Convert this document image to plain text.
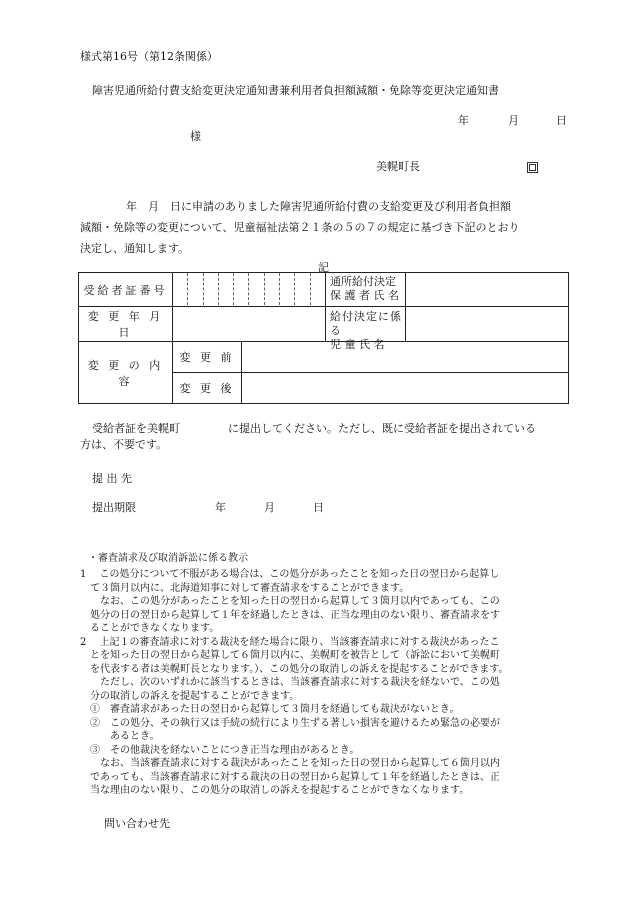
様式第16号（第12条関係）
障害児通所給付費支給変更決定通知書兼利用者負担額減額・免除等変更決定通知書
年	月	日
様
美幌町長
年　月　日に申請のありました障害児通所給付費の支給変更及び利用者負担額
減額・免除等の変更について、児童福祉法第２１条の５の７の規定に基づき下記のとおり
決定し、通知します。
記
受給者証番号	通所給付決定
保 護 者 氏 名		

変 更 年 月 日	給付決定に係る
児 童 氏 名		

変 更 の 内 容	変 更 前		
	変 更 後		
受給者証を美幌町	に提出してください。ただし、既に受給者証を提出されている
方は、不要です。
提 出 先
提出期限	年	月	日
・審査請求及び取消訴訟に係る教示
1　 この処分について不服がある場合は、この処分があったことを知った日の翌日から起算し
　て３箇月以内に、北海道知事に対して審査請求をすることができます。
　　なお、この処分があったことを知った日の翌日から起算して３箇月以内であっても、この
　処分の日の翌日から起算して１年を経過したときは、正当な理由のない限り、審査請求をす
　ることができなくなります。
2　 上記１の審査請求に対する裁決を経た場合に限り、当該審査請求に対する裁決があったこ
　とを知った日の翌日から起算して６箇月以内に、美幌町を被告として（訴訟において美幌町
　を代表する者は美幌町長となります。）、この処分の取消しの訴えを提起することができます。
　　ただし、次のいずれかに該当するときは、当該審査請求に対する裁決を経ないで、この処
　分の取消しの訴えを提起することができます。
　①　審査請求があった日の翌日から起算して３箇月を経過しても裁決がないとき。
　②　この処分、その執行又は手続の続行により生ずる著しい損害を避けるため緊急の必要が
　　　あるとき。
　③　その他裁決を経ないことにつき正当な理由があるとき。
　　なお、当該審査請求に対する裁決があったことを知った日の翌日から起算して６箇月以内
　であっても、当該審査請求に対する裁決の日の翌日から起算して１年を経過したときは、正
　当な理由のない限り、この処分の取消しの訴えを提起することができなくなります。
問い合わせ先
